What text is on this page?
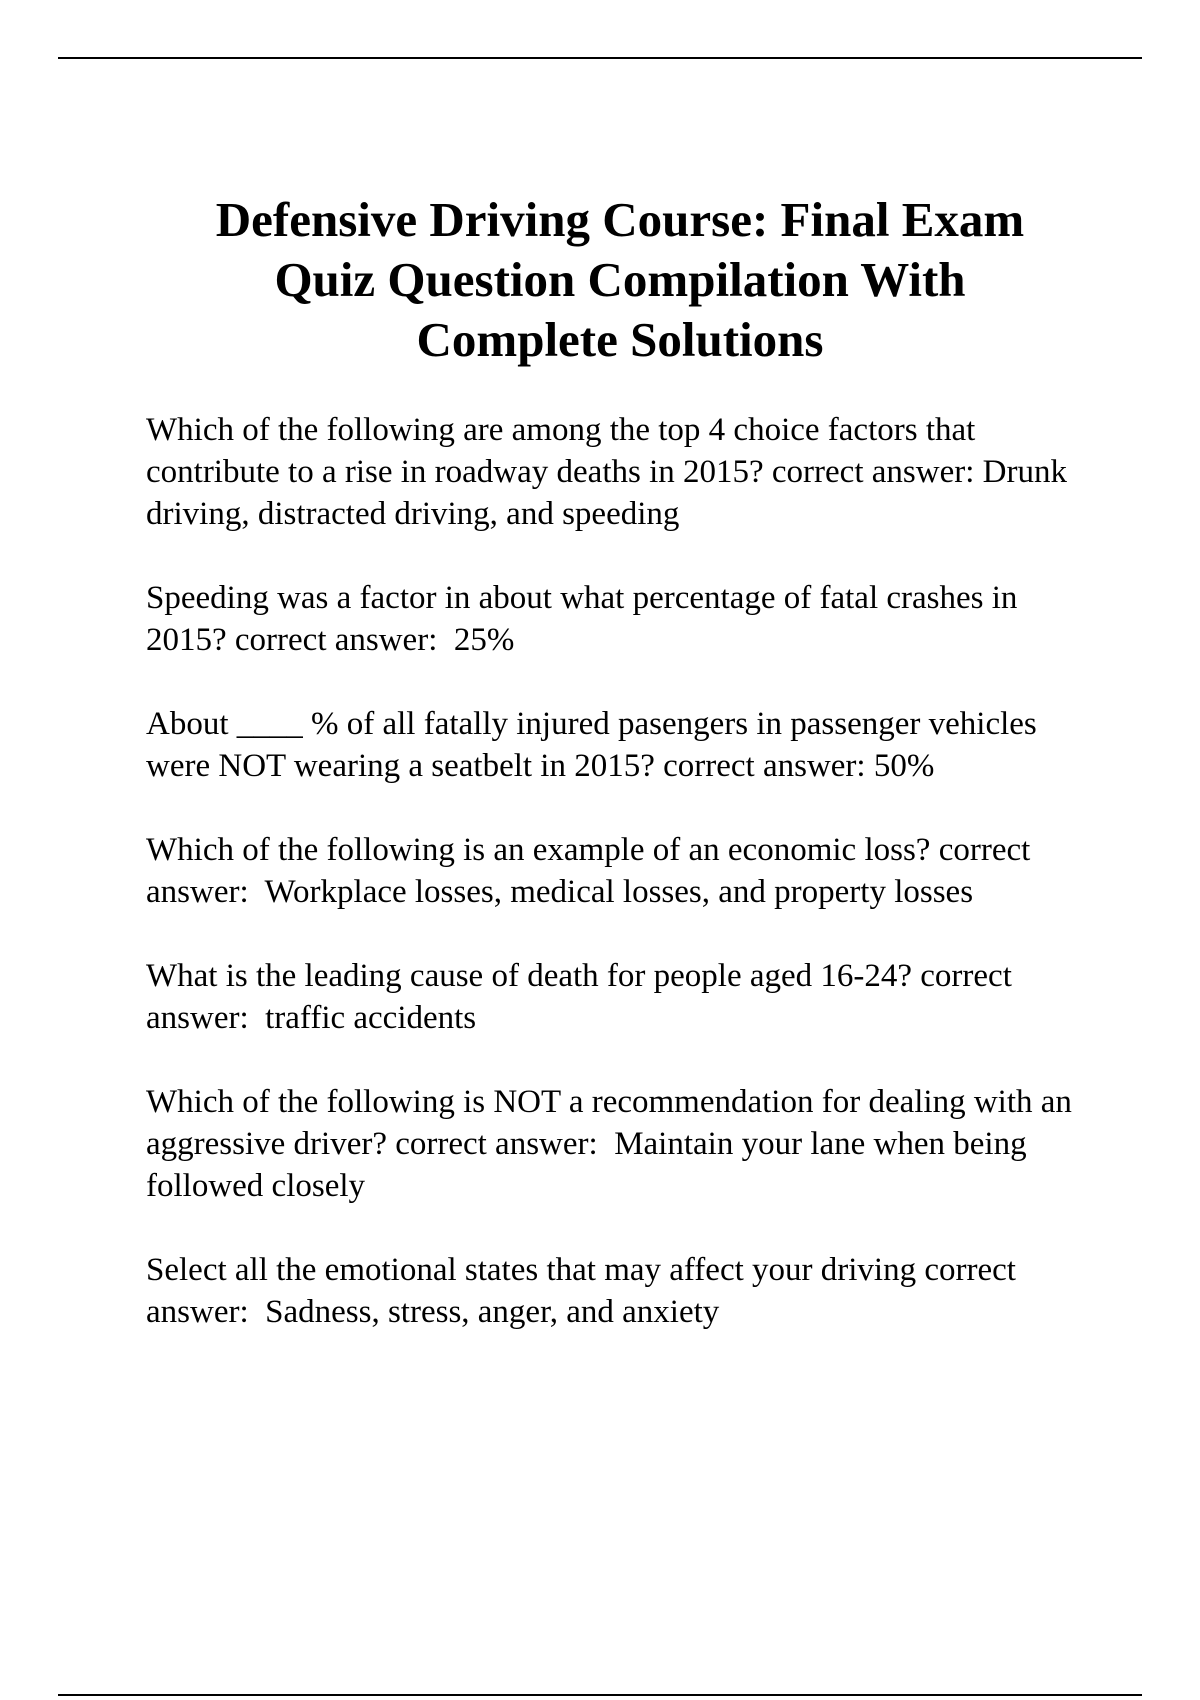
Defensive Driving Course: Final Exam
Quiz Question Compilation With
Complete Solutions
Which of the following are among the top 4 choice factors that contribute to a rise in roadway deaths in 2015? correct answer: Drunk driving, distracted driving, and speeding
Speeding was a factor in about what percentage of fatal crashes in 2015? correct answer:  25%
About ____ % of all fatally injured pasengers in passenger vehicles were NOT wearing a seatbelt in 2015? correct answer: 50%
Which of the following is an example of an economic loss? correct answer:  Workplace losses, medical losses, and property losses
What is the leading cause of death for people aged 16-24? correct answer:  traffic accidents
Which of the following is NOT a recommendation for dealing with an aggressive driver? correct answer:  Maintain your lane when being followed closely
Select all the emotional states that may affect your driving correct answer:  Sadness, stress, anger, and anxiety
